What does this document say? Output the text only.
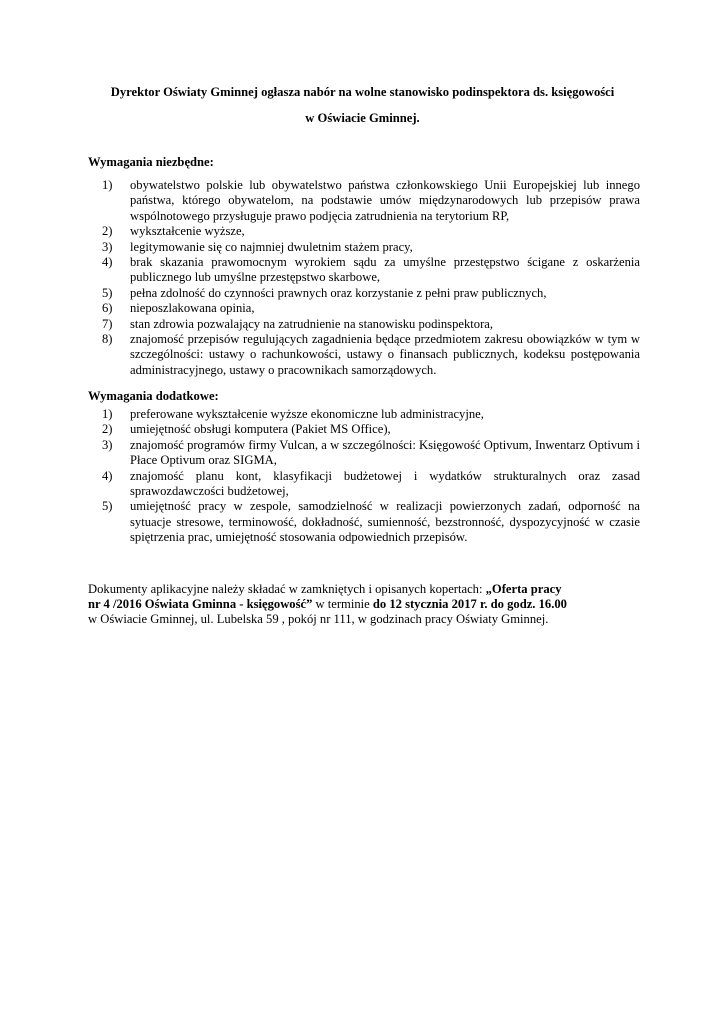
Dyrektor Oświaty Gminnej ogłasza nabór na wolne stanowisko podinspektora ds. księgowości
w Oświacie Gminnej.
Wymagania niezbędne:
1) obywatelstwo polskie lub obywatelstwo państwa członkowskiego Unii Europejskiej lub innego państwa, którego obywatelom, na podstawie umów międzynarodowych lub przepisów prawa wspólnotowego przysługuje prawo podjęcia zatrudnienia na terytorium RP,
2) wykształcenie wyższe,
3) legitymowanie się co najmniej dwuletnim stażem pracy,
4) brak skazania prawomocnym wyrokiem sądu za umyślne przestępstwo ścigane z oskarżenia publicznego lub umyślne przestępstwo skarbowe,
5) pełna zdolność do czynności prawnych oraz korzystanie z pełni praw publicznych,
6) nieposzlakowana opinia,
7) stan zdrowia pozwalający na zatrudnienie na stanowisku podinspektora,
8) znajomość przepisów regulujących zagadnienia będące przedmiotem zakresu obowiązków w tym w szczególności: ustawy o rachunkowości, ustawy o finansach publicznych, kodeksu postępowania administracyjnego, ustawy o pracownikach samorządowych.
Wymagania dodatkowe:
1) preferowane wykształcenie wyższe ekonomiczne lub administracyjne,
2) umiejętność obsługi komputera (Pakiet MS Office),
3) znajomość programów firmy Vulcan, a w szczególności: Księgowość Optivum, Inwentarz Optivum i Płace Optivum oraz SIGMA,
4) znajomość planu kont, klasyfikacji budżetowej i wydatków strukturalnych oraz zasad sprawozdawczości budżetowej,
5) umiejętność pracy w zespole, samodzielność w realizacji powierzonych zadań, odporność na sytuacje stresowe, terminowość, dokładność, sumienność, bezstronność, dyspozycyjność w czasie spiętrzenia prac, umiejętność stosowania odpowiednich przepisów.
Dokumenty aplikacyjne należy składać w zamkniętych i opisanych kopertach: „Oferta pracy
nr 4 /2016 Oświata Gminna - księgowość” w terminie do 12 stycznia 2017 r. do godz. 16.00
w Oświacie Gminnej, ul. Lubelska 59 , pokój nr 111, w godzinach pracy Oświaty Gminnej.
